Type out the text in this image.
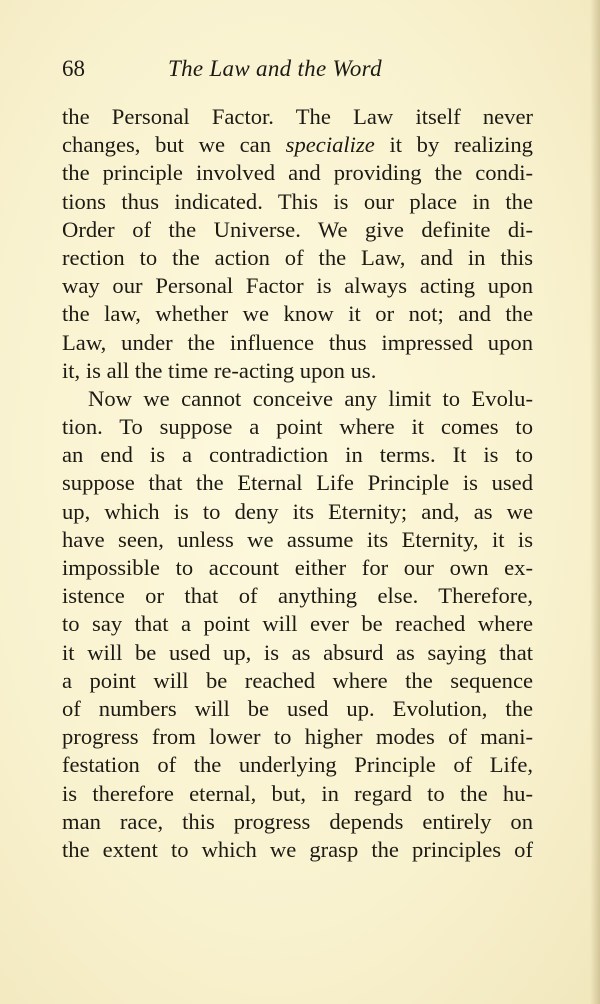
68	The Law and the Word
the Personal Factor. The Law itself never
changes, but we can specialize it by realizing
the principle involved and providing the condi-
tions thus indicated. This is our place in the
Order of the Universe. We give definite di-
rection to the action of the Law, and in this
way our Personal Factor is always acting upon
the law, whether we know it or not; and the
Law, under the influence thus impressed upon
it, is all the time re-acting upon us.
Now we cannot conceive any limit to Evolu-
tion. To suppose a point where it comes to
an end is a contradiction in terms. It is to
suppose that the Eternal Life Principle is used
up, which is to deny its Eternity; and, as we
have seen, unless we assume its Eternity, it is
impossible to account either for our own ex-
istence or that of anything else. Therefore,
to say that a point will ever be reached where
it will be used up, is as absurd as saying that
a point will be reached where the sequence
of numbers will be used up. Evolution, the
progress from lower to higher modes of mani-
festation of the underlying Principle of Life,
is therefore eternal, but, in regard to the hu-
man race, this progress depends entirely on
the extent to which we grasp the principles of
